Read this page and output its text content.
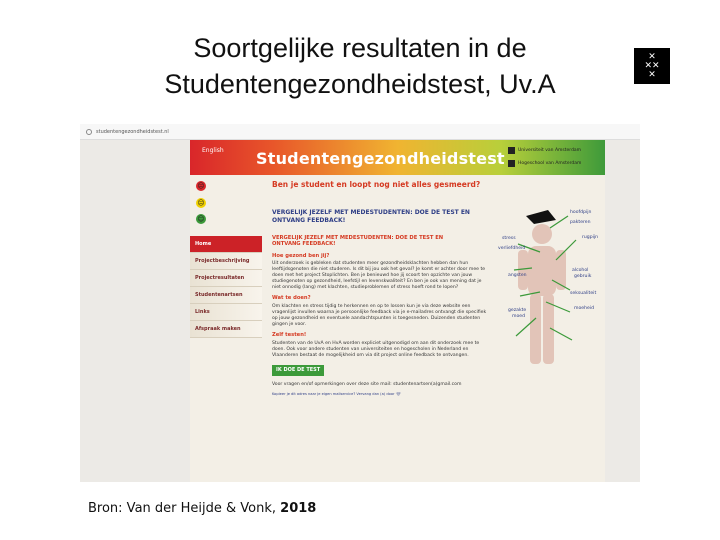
Soortgelijke resultaten in de
Studentengezondheidstest, Uv.A
✕
✕✕
✕
studentengezondheidstest.nl
English Studentengezondheidstest	Universiteit van Amsterdam
Hogeschool van Amsterdam
☹
😐
☺
Home
Projectbeschrijving
Projectresultaten
Studentenartsen
Links
Afspraak maken
Ben je student en loopt nog niet alles gesmeerd?
VERGELIJK JEZELF MET MEDESTUDENTEN: DOE DE TEST EN
ONTVANG FEEDBACK!
VERGELIJK JEZELF MET MEDESTUDENTEN: DOE DE TEST EN
ONTVANG FEEDBACK!
Hoe gezond ben jij?
Uit onderzoek is gebleken dat studenten meer gezondheidsklachten hebben dan hun leeftijdsgenoten die niet studeren. Is dit bij jou ook het geval? Je komt er achter door mee te doen met het project Stoplichten. Ben je benieuwd hoe jij scoort ten opzichte van jouw studiegenoten op gezondheid, leefstijl en levenskwaliteit? En ben je ook van mening dat je niet onnodig (lang) met klachten, studieproblemen of stress hoeft rond te lopen?
Wat te doen?
Om klachten en stress tijdig te herkennen en op te lossen kun je via deze website een vragenlijst invullen waarna je persoonlijke feedback via je e-mailadres ontvangt die specifiek op jouw gezondheid en eventuele aandachtspunten is toegesneden. Duizenden studenten gingen je voor.
Zelf testen!
Studenten van de UvA en HvA worden expliciet uitgenodigd om aan dit onderzoek mee te doen. Ook voor andere studenten van universiteiten en hogescholen in Nederland en Vlaanderen bestaat de mogelijkheid om via dit project online feedback te ontvangen.
IK DOE DE TEST
Voor vragen en/of opmerkingen over deze site mail: studentenartsen(a)gmail.com
Kopieer je dit adres naar je eigen mailservice? Vervang dan (a) door '@'
hoofdpijn
pakteren
stress	rugpijn
verliefdheid
angsten
alcohol
gebruik
seksualiteit
gezakte
moed
moeheid
Bron: Van der Heijde & Vonk, 2018
